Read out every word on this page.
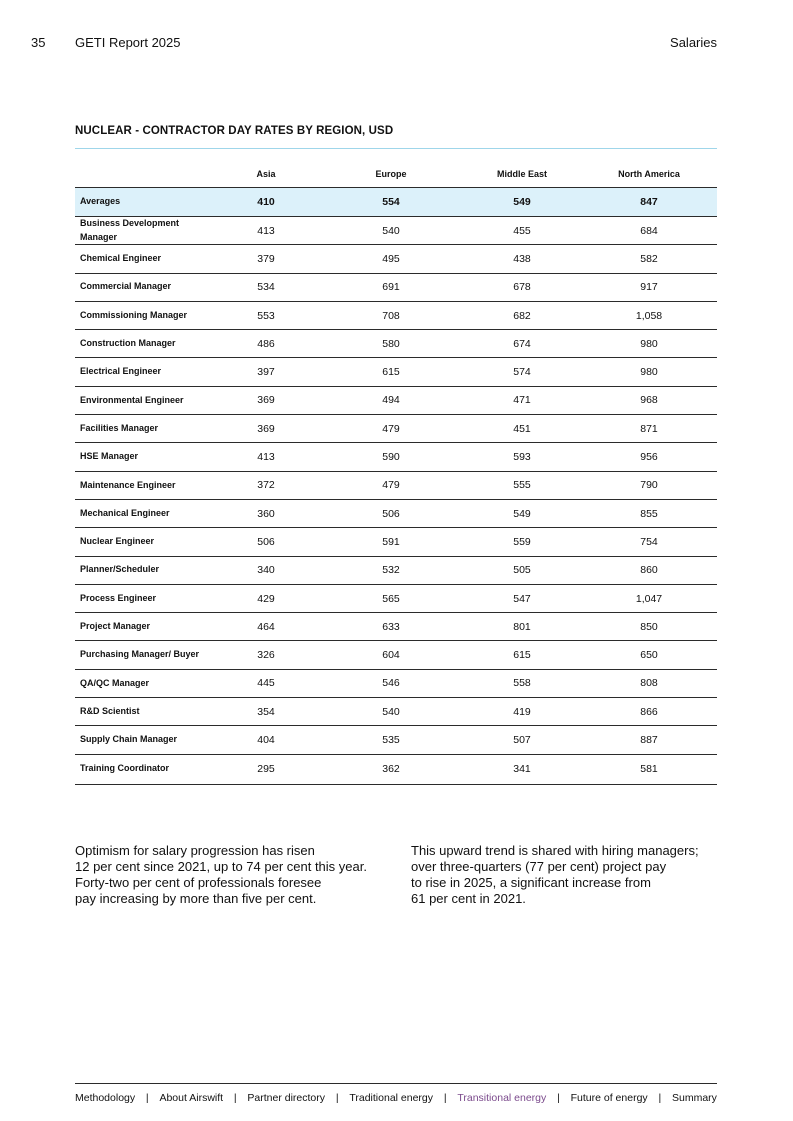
35 GETI Report 2025	Salaries
NUCLEAR - CONTRACTOR DAY RATES BY REGION, USD
Asia	Europe	Middle East	North America
Averages	410	554	549	847
Business Development Manager	413	540	455	684
Chemical Engineer	379	495	438	582
Commercial Manager	534	691	678	917
Commissioning Manager	553	708	682	1,058
Construction Manager	486	580	674	980
Electrical Engineer	397	615	574	980
Environmental Engineer	369	494	471	968
Facilities Manager	369	479	451	871
HSE Manager	413	590	593	956
Maintenance Engineer	372	479	555	790
Mechanical Engineer	360	506	549	855
Nuclear Engineer	506	591	559	754
Planner/Scheduler	340	532	505	860
Process Engineer	429	565	547	1,047
Project Manager	464	633	801	850
Purchasing Manager/ Buyer	326	604	615	650
QA/QC Manager	445	546	558	808
R&D Scientist	354	540	419	866
Supply Chain Manager	404	535	507	887
Training Coordinator	295	362	341	581
Optimism for salary progression has risen
12 per cent since 2021, up to 74 per cent this year.
Forty-two per cent of professionals foresee
pay increasing by more than five per cent.
This upward trend is shared with hiring managers;
over three-quarters (77 per cent) project pay
to rise in 2025, a significant increase from
61 per cent in 2021.
Methodology | About Airswift | Partner directory | Traditional energy | Transitional energy | Future of energy | Summary
